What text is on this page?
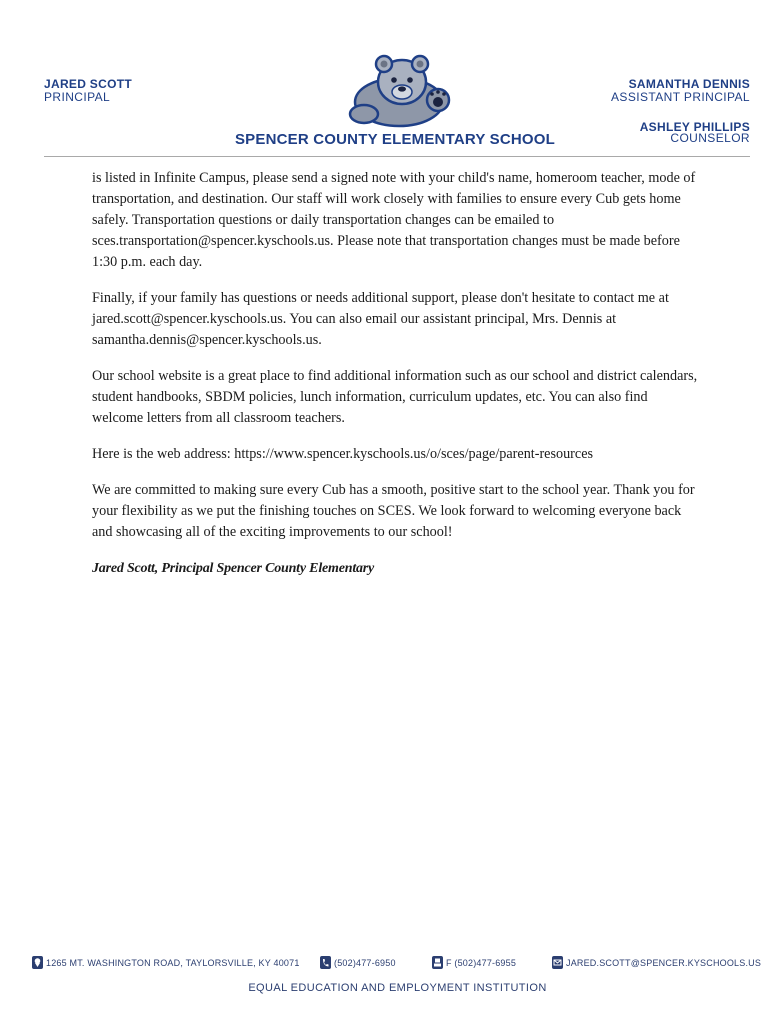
JARED SCOTT
PRINCIPAL
SAMANTHA DENNIS
ASSISTANT PRINCIPAL
ASHLEY PHILLIPS
COUNSELOR
SPENCER COUNTY ELEMENTARY SCHOOL

is listed in Infinite Campus, please send a signed note with your child's name, homeroom teacher, mode of transportation, and destination. Our staff will work closely with families to ensure every Cub gets home safely. Transportation questions or daily transportation changes can be emailed to sces.transportation@spencer.kyschools.us. Please note that transportation changes must be made before 1:30 p.m. each day.

Finally, if your family has questions or needs additional support, please don't hesitate to contact me at jared.scott@spencer.kyschools.us. You can also email our assistant principal, Mrs. Dennis at samantha.dennis@spencer.kyschools.us.

Our school website is a great place to find additional information such as our school and district calendars, student handbooks, SBDM policies, lunch information, curriculum updates, etc. You can also find welcome letters from all classroom teachers.

Here is the web address: https://www.spencer.kyschools.us/o/sces/page/parent-resources

We are committed to making sure every Cub has a smooth, positive start to the school year. Thank you for your flexibility as we put the finishing touches on SCES. We look forward to welcoming everyone back and showcasing all of the exciting improvements to our school!

Jared Scott, Principal Spencer County Elementary
1265 MT. WASHINGTON ROAD, TAYLORSVILLE, KY 40071	(502)477-6950	F (502)477-6955	JARED.SCOTT@SPENCER.KYSCHOOLS.US
EQUAL EDUCATION AND EMPLOYMENT INSTITUTION
